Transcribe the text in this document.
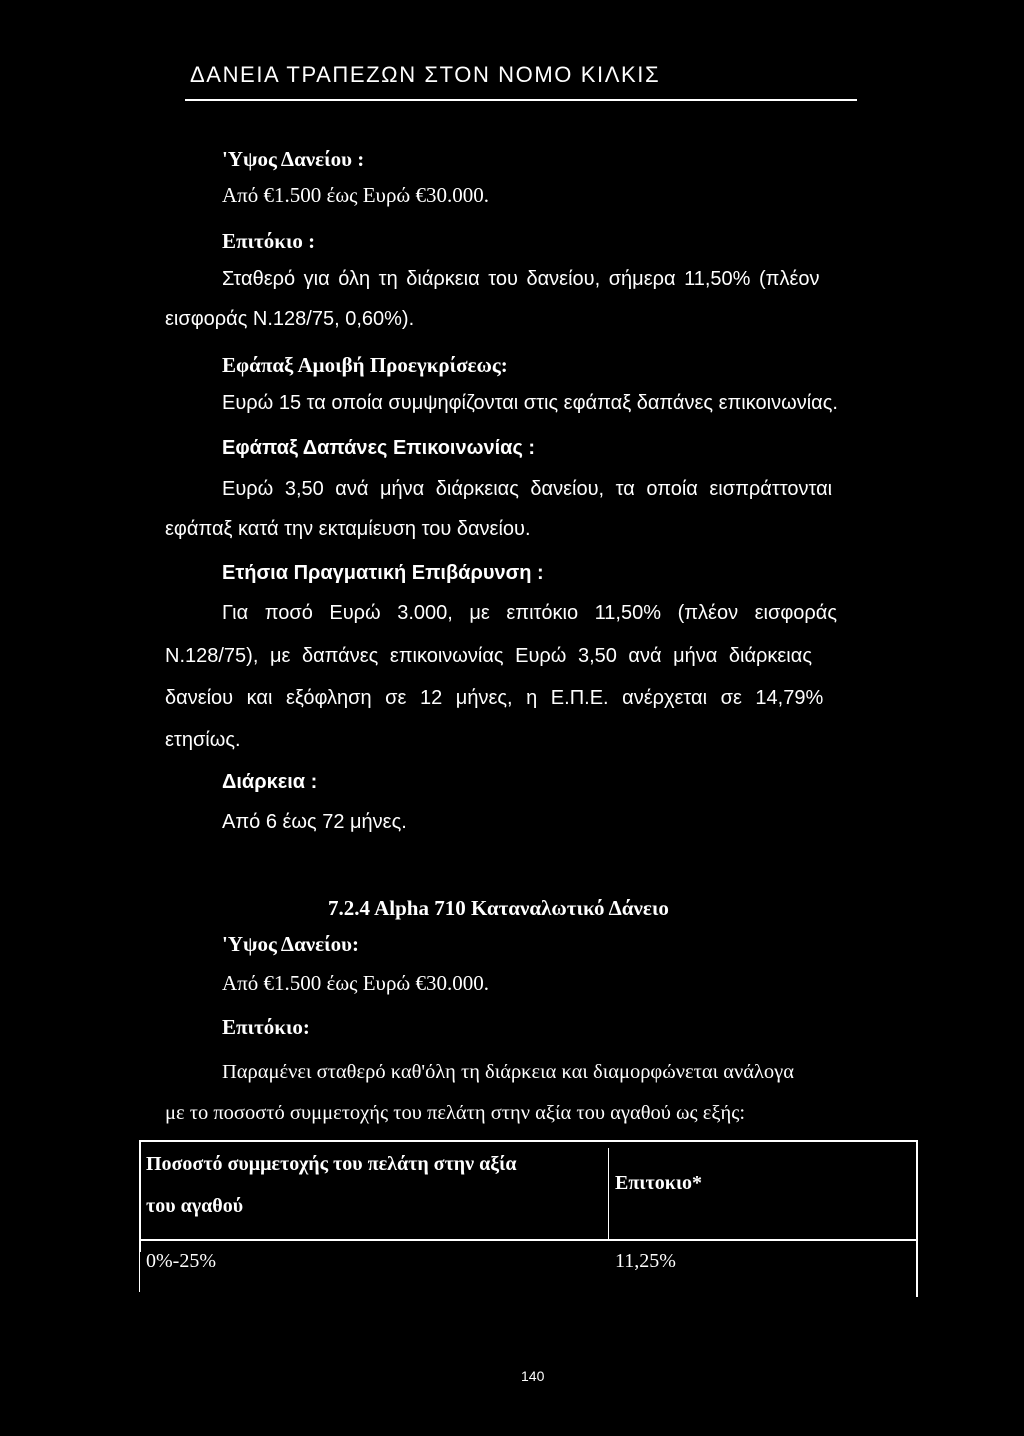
ΔΑΝΕΙΑ ΤΡΑΠΕΖΩΝ ΣΤΟΝ ΝΟΜΟ ΚΙΛΚΙΣ
'Υψος Δανείου :
Από €1.500 έως Ευρώ €30.000.
Επιτόκιο :
Σταθερό για όλη τη διάρκεια του δανείου, σήμερα 11,50% (πλέον
εισφοράς Ν.128/75, 0,60%).
Εφάπαξ Αμοιβή Προεγκρίσεως:
Ευρώ 15 τα οποία συμψηφίζονται στις εφάπαξ δαπάνες επικοινωνίας.
Εφάπαξ Δαπάνες Επικοινωνίας :
Ευρώ 3,50 ανά μήνα διάρκειας δανείου, τα οποία εισπράττονται
εφάπαξ κατά την εκταμίευση του δανείου.
Ετήσια Πραγματική Επιβάρυνση :
Για ποσό Ευρώ 3.000, με επιτόκιο 11,50% (πλέον εισφοράς
Ν.128/75), με δαπάνες επικοινωνίας Ευρώ 3,50 ανά μήνα διάρκειας
δανείου και εξόφληση σε 12 μήνες, η Ε.Π.Ε. ανέρχεται σε 14,79%
ετησίως.
Διάρκεια :
Από 6 έως 72 μήνες.
7.2.4 Alpha 710 Καταναλωτικό Δάνειο
'Υψος Δανείου:
Από €1.500 έως Ευρώ €30.000.
Επιτόκιο:
Παραμένει σταθερό καθ'όλη τη διάρκεια και διαμορφώνεται ανάλογα
με το ποσοστό συμμετοχής του πελάτη στην αξία του αγαθού ως εξής:
Ποσοστό συμμετοχής του πελάτη στην αξία
του αγαθού
Επιτοκιο*
0%-25%	11,25%
140
